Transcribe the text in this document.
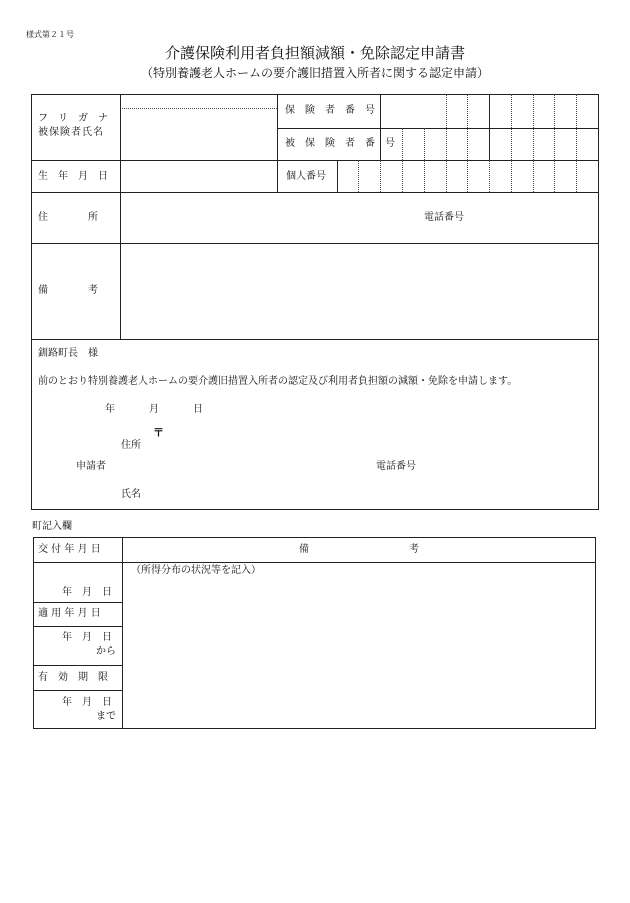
様式第２１号
介護保険利用者負担額減額・免除認定申請書
（特別養護老人ホームの要介護旧措置入所者に関する認定申請）
フ　リ　ガ　ナ
被保険者氏名
保　険　者　番　号
被　保　険　者　番　号
生　年　月　日	個人番号
住　　　　所	電話番号
備　　　　考
釧路町長　様
前のとおり特別養護老人ホームの要介護旧措置入所者の認定及び利用者負担額の減額・免除を申請します。
年	月	日
〒
住所
申請者	電話番号
氏名
町記入欄
交 付 年 月 日	備　　　　　　　　　　考
（所得分布の状況等を記入）
年　月　日
適 用 年 月 日
年　月　日
から
有　効　期　限
年　月　日
まで
